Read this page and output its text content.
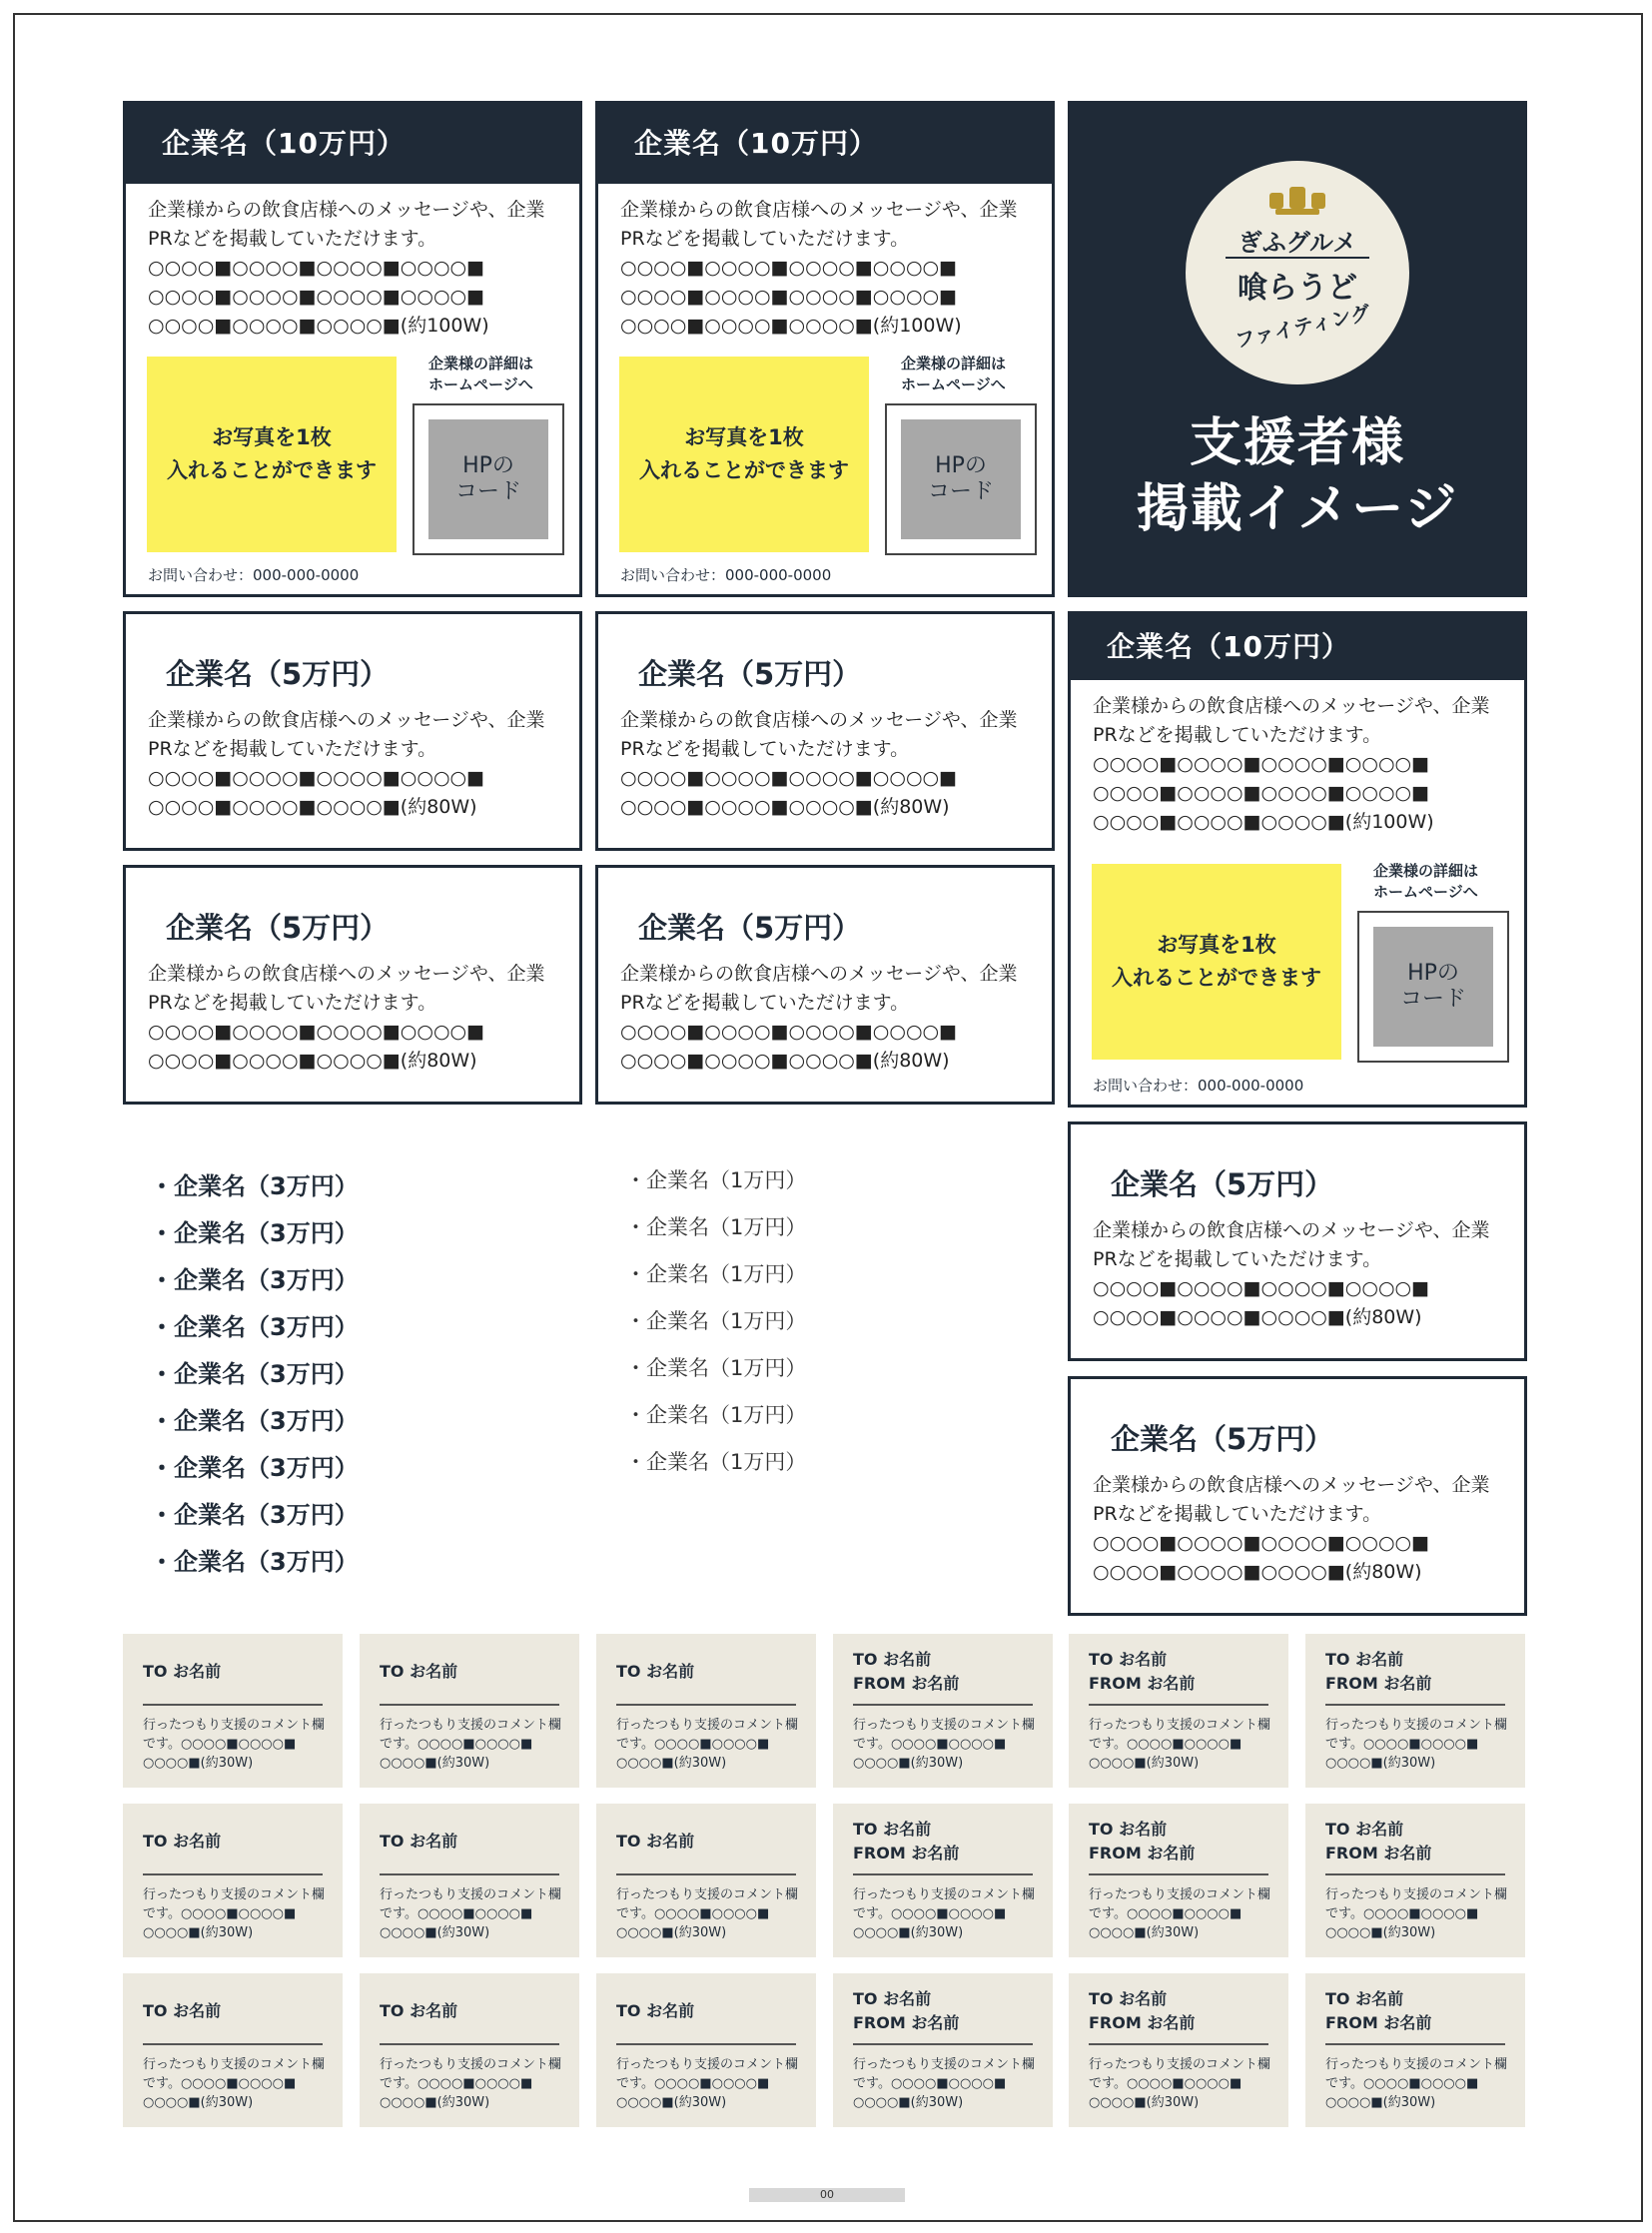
企業名（10万円）
企業様からの飲食店様へのメッセージや、企業
PRなどを掲載していただけます。
○○○○■○○○○■○○○○■○○○○■
○○○○■○○○○■○○○○■○○○○■
○○○○■○○○○■○○○○■(約100W)
お写真を1枚
入れることができます
企業様の詳細は
ホームページへ
HPの
コード
お問い合わせ：000-000-0000
企業名（10万円）
企業様からの飲食店様へのメッセージや、企業
PRなどを掲載していただけます。
○○○○■○○○○■○○○○■○○○○■
○○○○■○○○○■○○○○■○○○○■
○○○○■○○○○■○○○○■(約100W)
お写真を1枚
入れることができます
企業様の詳細は
ホームページへ
HPの
コード
お問い合わせ：000-000-0000
ぎふグルメ
喰らうど
ファイティング
支援者様
掲載イメージ
企業名（5万円）
企業様からの飲食店様へのメッセージや、企業
PRなどを掲載していただけます。
○○○○■○○○○■○○○○■○○○○■
○○○○■○○○○■○○○○■(約80W)
企業名（5万円）
企業様からの飲食店様へのメッセージや、企業
PRなどを掲載していただけます。
○○○○■○○○○■○○○○■○○○○■
○○○○■○○○○■○○○○■(約80W)
企業名（5万円）
企業様からの飲食店様へのメッセージや、企業
PRなどを掲載していただけます。
○○○○■○○○○■○○○○■○○○○■
○○○○■○○○○■○○○○■(約80W)
企業名（5万円）
企業様からの飲食店様へのメッセージや、企業
PRなどを掲載していただけます。
○○○○■○○○○■○○○○■○○○○■
○○○○■○○○○■○○○○■(約80W)
企業名（10万円）
企業様からの飲食店様へのメッセージや、企業
PRなどを掲載していただけます。
○○○○■○○○○■○○○○■○○○○■
○○○○■○○○○■○○○○■○○○○■
○○○○■○○○○■○○○○■(約100W)
お写真を1枚
入れることができます
企業様の詳細は
ホームページへ
HPの
コード
お問い合わせ：000-000-0000
企業名（5万円）
企業様からの飲食店様へのメッセージや、企業
PRなどを掲載していただけます。
○○○○■○○○○■○○○○■○○○○■
○○○○■○○○○■○○○○■(約80W)
企業名（5万円）
企業様からの飲食店様へのメッセージや、企業
PRなどを掲載していただけます。
○○○○■○○○○■○○○○■○○○○■
○○○○■○○○○■○○○○■(約80W)
・企業名（3万円）
・企業名（3万円）
・企業名（3万円）
・企業名（3万円）
・企業名（3万円）
・企業名（3万円）
・企業名（3万円）
・企業名（3万円）
・企業名（3万円）
・企業名（1万円）
・企業名（1万円）
・企業名（1万円）
・企業名（1万円）
・企業名（1万円）
・企業名（1万円）
・企業名（1万円）
TO お名前
行ったつもり支援のコメント欄
です。○○○○■○○○○■
○○○○■(約30W)
TO お名前
行ったつもり支援のコメント欄
です。○○○○■○○○○■
○○○○■(約30W)
TO お名前
行ったつもり支援のコメント欄
です。○○○○■○○○○■
○○○○■(約30W)
TO お名前
FROM お名前
行ったつもり支援のコメント欄
です。○○○○■○○○○■
○○○○■(約30W)
TO お名前
FROM お名前
行ったつもり支援のコメント欄
です。○○○○■○○○○■
○○○○■(約30W)
TO お名前
FROM お名前
行ったつもり支援のコメント欄
です。○○○○■○○○○■
○○○○■(約30W)
TO お名前
行ったつもり支援のコメント欄
です。○○○○■○○○○■
○○○○■(約30W)
TO お名前
行ったつもり支援のコメント欄
です。○○○○■○○○○■
○○○○■(約30W)
TO お名前
行ったつもり支援のコメント欄
です。○○○○■○○○○■
○○○○■(約30W)
TO お名前
FROM お名前
行ったつもり支援のコメント欄
です。○○○○■○○○○■
○○○○■(約30W)
TO お名前
FROM お名前
行ったつもり支援のコメント欄
です。○○○○■○○○○■
○○○○■(約30W)
TO お名前
FROM お名前
行ったつもり支援のコメント欄
です。○○○○■○○○○■
○○○○■(約30W)
TO お名前
行ったつもり支援のコメント欄
です。○○○○■○○○○■
○○○○■(約30W)
TO お名前
行ったつもり支援のコメント欄
です。○○○○■○○○○■
○○○○■(約30W)
TO お名前
行ったつもり支援のコメント欄
です。○○○○■○○○○■
○○○○■(約30W)
TO お名前
FROM お名前
行ったつもり支援のコメント欄
です。○○○○■○○○○■
○○○○■(約30W)
TO お名前
FROM お名前
行ったつもり支援のコメント欄
です。○○○○■○○○○■
○○○○■(約30W)
TO お名前
FROM お名前
行ったつもり支援のコメント欄
です。○○○○■○○○○■
○○○○■(約30W)
00
